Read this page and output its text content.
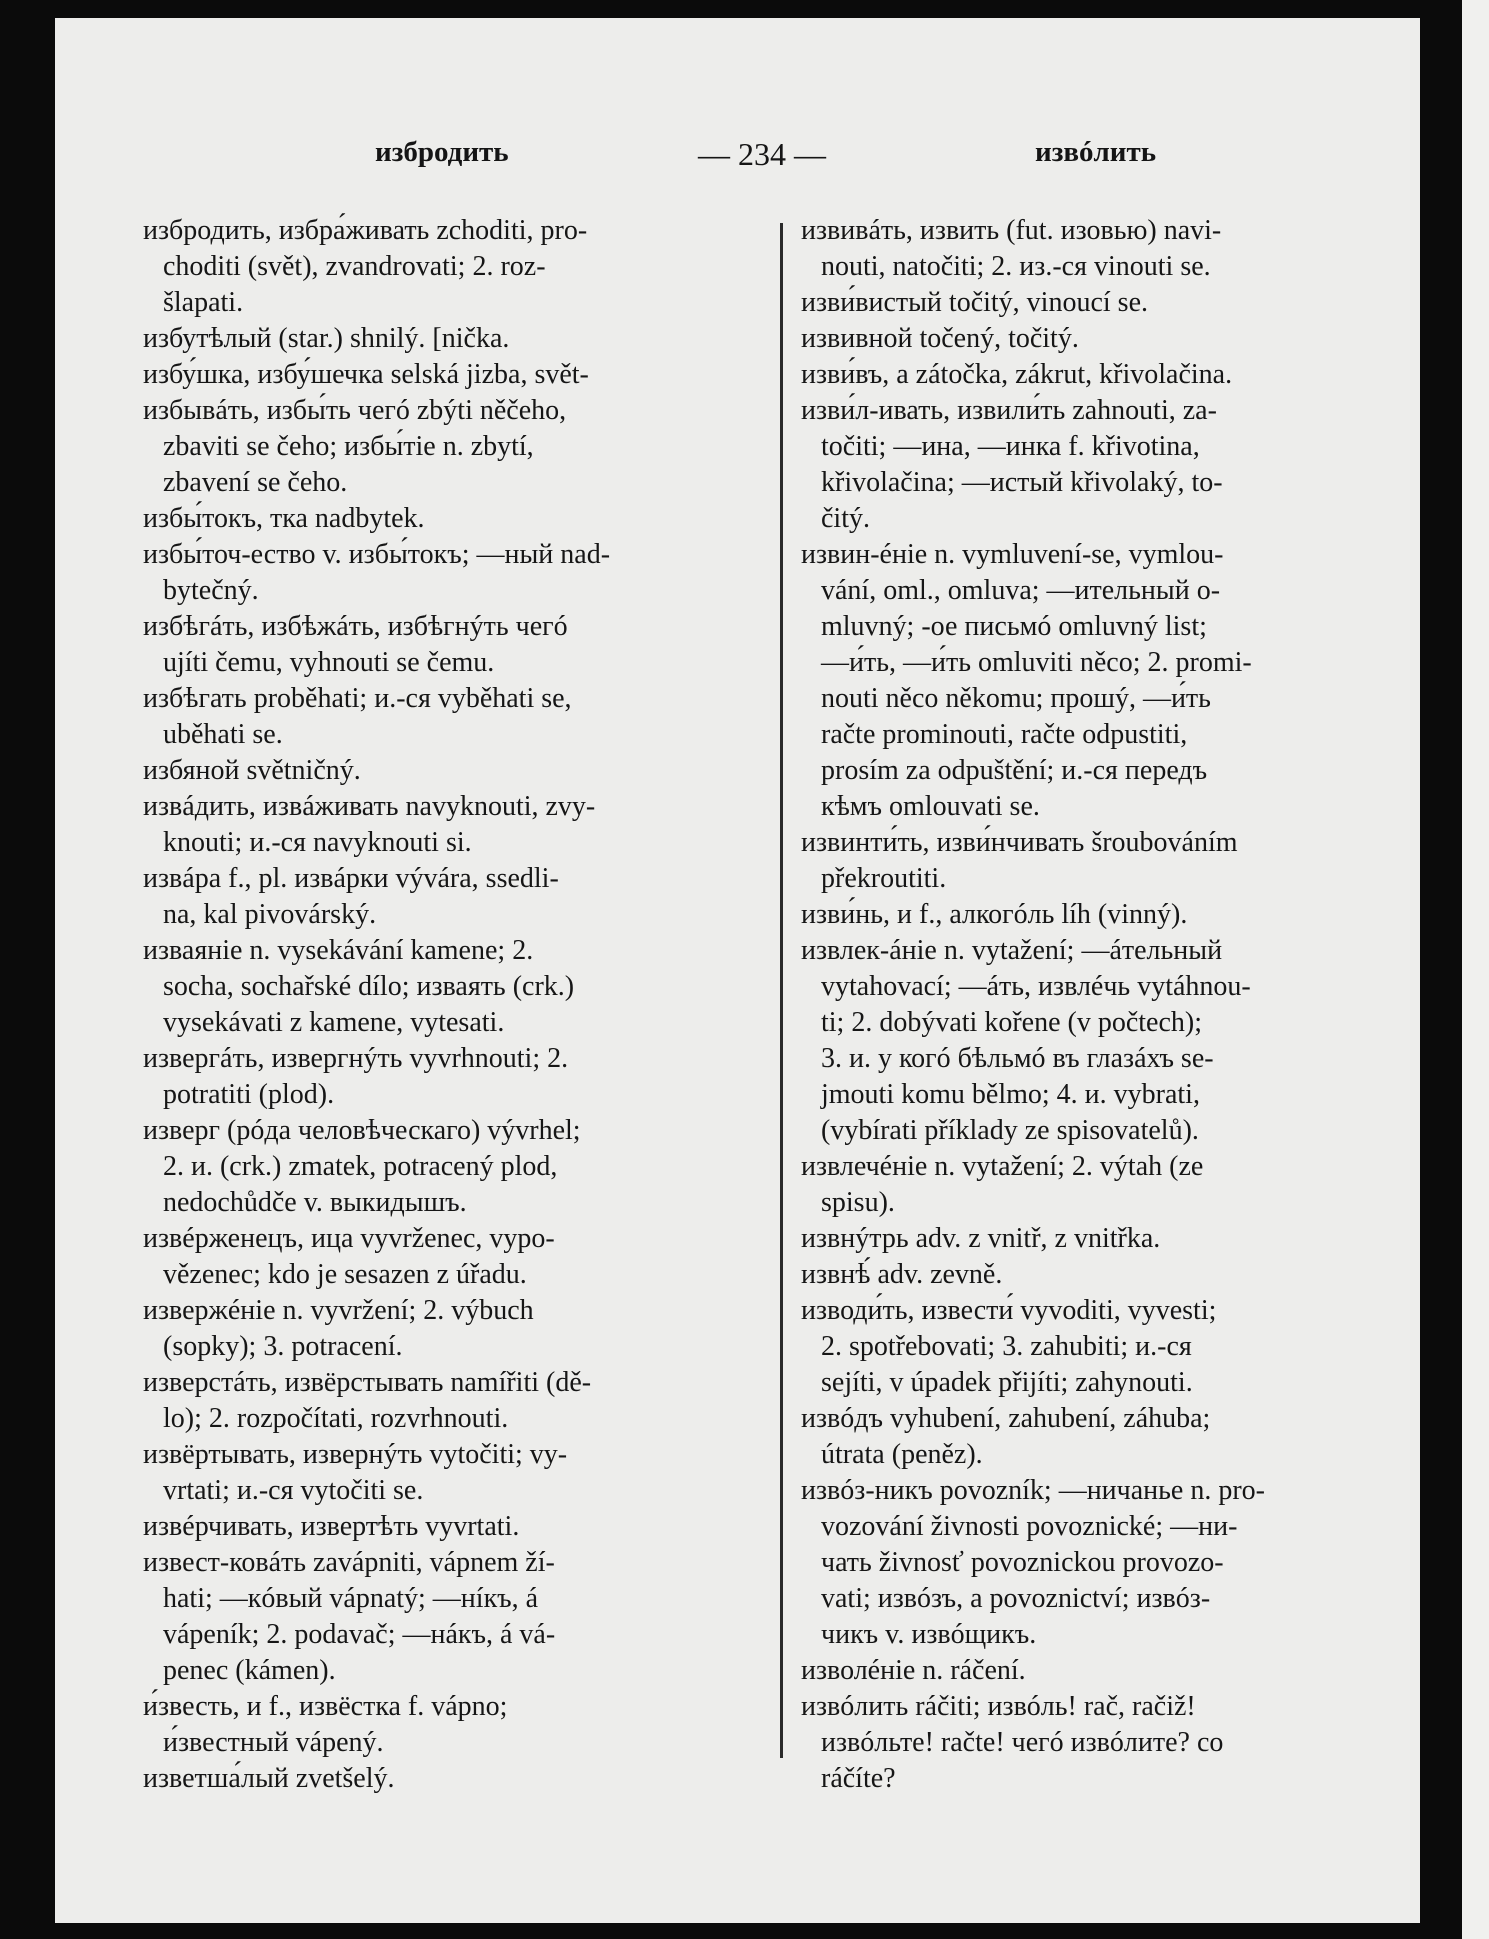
избродить	— 234 —	извóлить
избродить, избра́живать zchoditi, pro-
choditi (svět), zvandrovati; 2. roz-
šlapati.
избутѣлый (star.) shnilý. [nička.
избу́шка, избу́шечка selská jizba, svět-
избывáть, избы́ть чегó zbýti něčeho,
zbaviti se čeho; избы́тіе n. zbytí,
zbavení se čeho.
избы́токъ, тка nadbytek.
избы́точ-ество v. избы́токъ; —ный nad-
bytečný.
избѣгáть, избѣжáть, избѣгнýть чегó
ujíti čemu, vyhnouti se čemu.
избѣгать proběhati; и.-ся vyběhati se,
uběhati se.
избяной světničný.
извáдить, извáживать navyknouti, zvy-
knouti; и.-ся navyknouti si.
извáра f., pl. извáрки vývára, ssedli-
na, kal pivovárský.
изваяніе n. vysekávání kamene; 2.
socha, sochařské dílo; изваять (crk.)
vysekávati z kamene, vytesati.
извергáть, извергнýть vyvrhnouti; 2.
potratiti (plod).
изверг (рóда человѣческаго) vývrhel;
2. и. (crk.) zmatek, potracený plod,
nedochůdče v. выкидышъ.
извéрженецъ, ица vyvrženec, vypo-
vězenec; kdo je sesazen z úřadu.
извержéніе n. vyvržení; 2. výbuch
(sopky); 3. potracení.
изверстáть, извёрстывать namířiti (dě-
lo); 2. rozpočítati, rozvrhnouti.
извёртывать, извернýть vytočiti; vy-
vrtati; и.-ся vytočiti se.
извéрчивать, извертѣть vyvrtati.
извест-ковáть zavápniti, vápnem ží-
hati; —кóвый vápnatý; —нíкъ, á
vápeník; 2. podavač; —нáкъ, á vá-
penec (kámen).
и́звесть, и f., извёстка f. vápno;
и́звестный vápený.
изветша́лый zvetšelý.
извивáть, извить (fut. изовью) navi-
nouti, natočiti; 2. из.-ся vinouti se.
изви́вистый točitý, vinoucí se.
извивной točený, točitý.
изви́въ, а zátočka, zákrut, křivolačina.
изви́л-ивать, извили́ть zahnouti, za-
točiti; —ина, —инка f. křivotina,
křivolačina; —истый křivolaký, to-
čitý.
извин-éніе n. vymluvení-se, vymlou-
vání, oml., omluva; —ительный o-
mluvný; -ое письмó omluvný list;
—и́ть, —и́ть omluviti něco; 2. promi-
nouti něco někomu; прошý, —и́ть
račte prominouti, račte odpustiti,
prosím za odpuštění; и.-ся передъ
кѣмъ omlouvati se.
извинти́ть, изви́нчивать šroubováním
překroutiti.
изви́нь, и f., алкогóль líh (vinný).
извлек-áніе n. vytažení; —áтельный
vytahovací; —áть, извлéчь vytáhnou-
ti; 2. dobývati kořene (v počtech);
3. и. у когó бѣльмó въ глазáхъ se-
jmouti komu bělmo; 4. и. vybrati,
(vybírati příklady ze spisovatelů).
извлечéніе n. vytažení; 2. výtah (ze
spisu).
извнýтрь adv. z vnitř, z vnitřka.
извнѣ́ adv. zevně.
изводи́ть, извести́ vyvoditi, vyvesti;
2. spotřebovati; 3. zahubiti; и.-ся
sejíti, v úpadek přijíti; zahynouti.
извóдъ vyhubení, zahubení, záhuba;
útrata (peněz).
извóз-никъ povozník; —ничанье n. pro-
vozování živnosti povoznické; —ни-
чать živnosť povoznickou provozo-
vati; извóзъ, а povoznictví; извóз-
чикъ v. извóщикъ.
изволéніе n. ráčení.
извóлить ráčiti; извóль! rač, račiž!
извóльте! račte! чегó извóлите? co
ráčíte?
